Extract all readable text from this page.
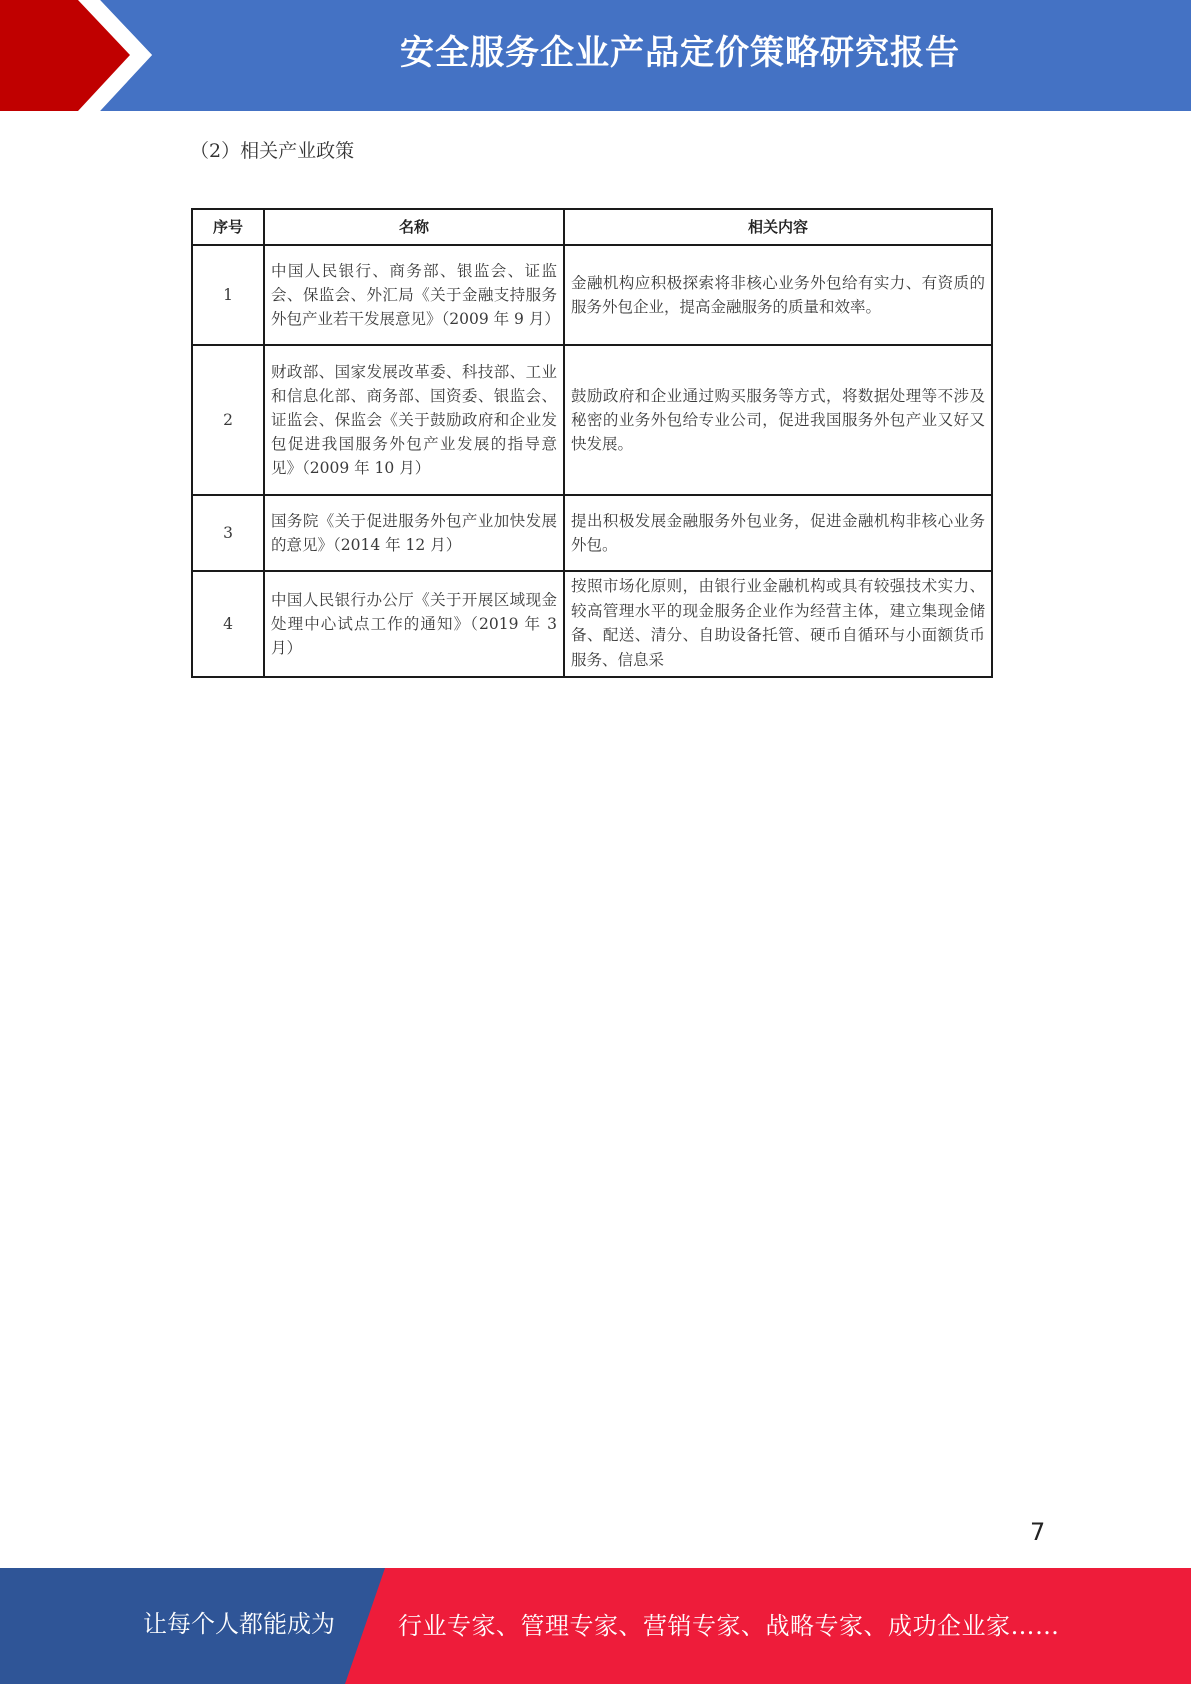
安全服务企业产品定价策略研究报告
（2）相关产业政策
序号	名称	相关内容
1	中国人民银行、商务部、银监会、证监会、保监会、外汇局《关于金融支持服务外包产业若干发展意见》（2009 年 9 月）	金融机构应积极探索将非核心业务外包给有实力、有资质的服务外包企业，提高金融服务的质量和效率。
2	财政部、国家发展改革委、科技部、工业和信息化部、商务部、国资委、银监会、证监会、保监会《关于鼓励政府和企业发包促进我国服务外包产业发展的指导意见》（2009 年 10 月）	鼓励政府和企业通过购买服务等方式，将数据处理等不涉及秘密的业务外包给专业公司，促进我国服务外包产业又好又快发展。
3	国务院《关于促进服务外包产业加快发展的意见》（2014 年 12 月）	提出积极发展金融服务外包业务，促进金融机构非核心业务外包。
4	中国人民银行办公厅《关于开展区域现金处理中心试点工作的通知》（2019 年 3 月）	按照市场化原则，由银行业金融机构或具有较强技术实力、较高管理水平的现金服务企业作为经营主体，建立集现金储备、配送、清分、自助设备托管、硬币自循环与小面额货币服务、信息采
7
让每个人都能成为	行业专家、管理专家、营销专家、战略专家、成功企业家……
